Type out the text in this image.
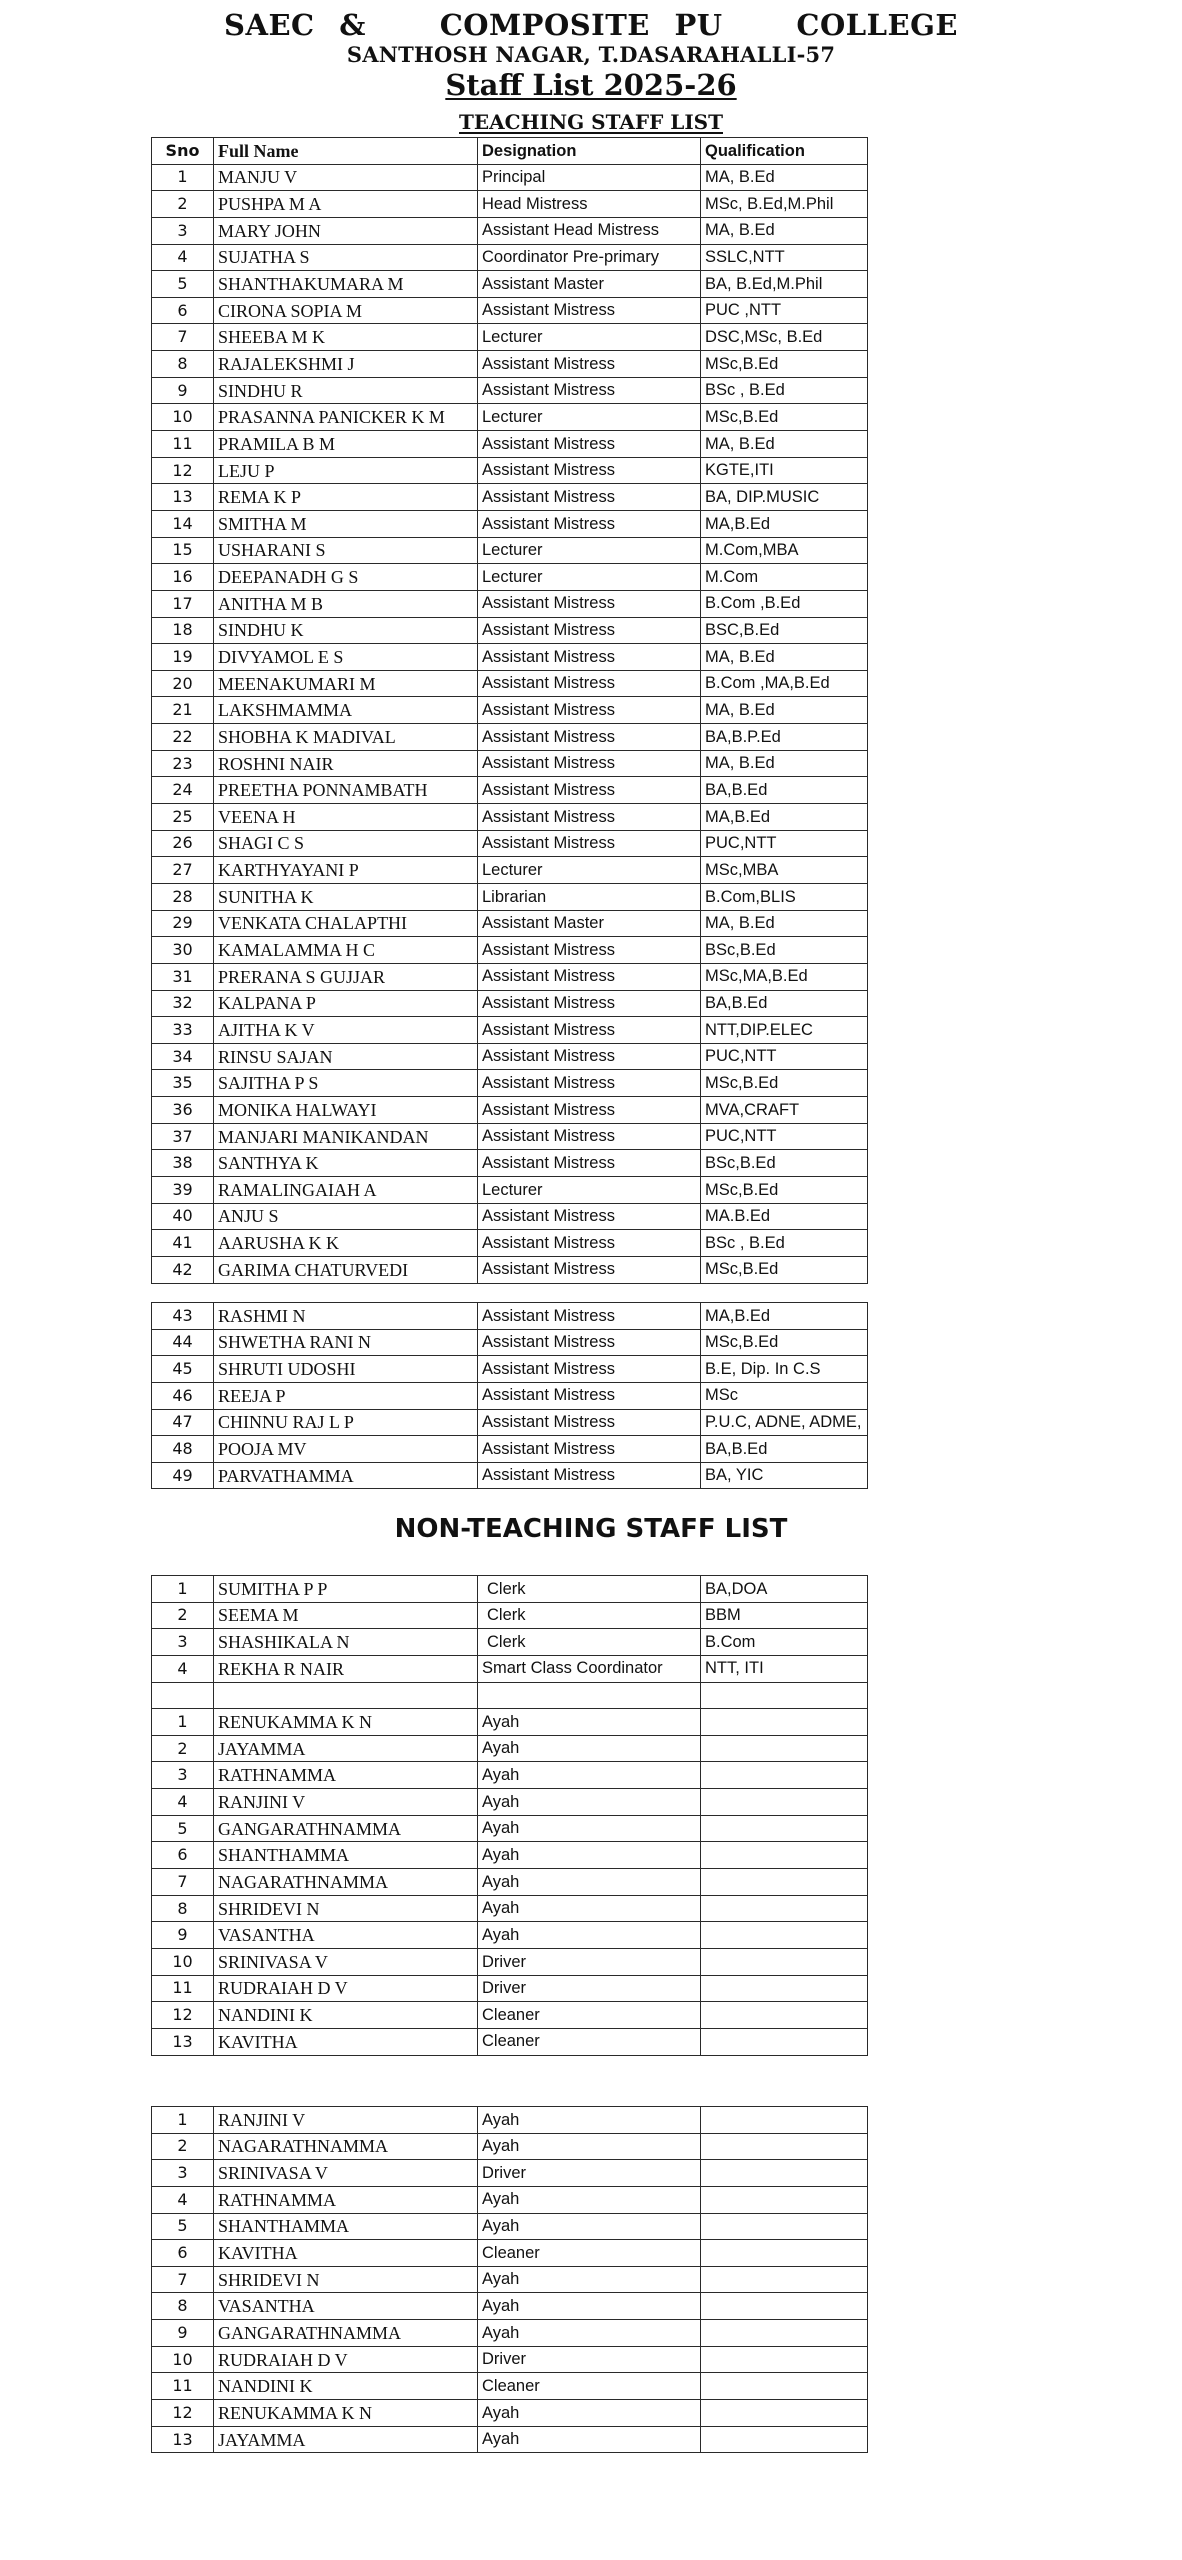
SAEC &   COMPOSITE PU   COLLEGE
SANTHOSH NAGAR, T.DASARAHALLI-57
Staff List 2025-26
TEACHING STAFF LIST
Sno	Full Name	Designation	Qualification
1	MANJU V	Principal	MA, B.Ed
2	PUSHPA M A	Head Mistress	MSc, B.Ed,M.Phil
3	MARY JOHN	Assistant Head Mistress	MA, B.Ed
4	SUJATHA S	Coordinator Pre-primary	SSLC,NTT
5	SHANTHAKUMARA M	Assistant Master	BA, B.Ed,M.Phil
6	CIRONA SOPIA M	Assistant Mistress	PUC ,NTT
7	SHEEBA M K	Lecturer	DSC,MSc, B.Ed
8	RAJALEKSHMI J	Assistant Mistress	MSc,B.Ed
9	SINDHU R	Assistant Mistress	BSc , B.Ed
10	PRASANNA PANICKER K M	Lecturer	MSc,B.Ed
11	PRAMILA B M	Assistant Mistress	MA, B.Ed
12	LEJU P	Assistant Mistress	KGTE,ITI
13	REMA K P	Assistant Mistress	BA, DIP.MUSIC
14	SMITHA M	Assistant Mistress	MA,B.Ed
15	USHARANI S	Lecturer	M.Com,MBA
16	DEEPANADH G S	Lecturer	M.Com
17	ANITHA M B	Assistant Mistress	B.Com ,B.Ed
18	SINDHU K	Assistant Mistress	BSC,B.Ed
19	DIVYAMOL E S	Assistant Mistress	MA, B.Ed
20	MEENAKUMARI M	Assistant Mistress	B.Com ,MA,B.Ed
21	LAKSHMAMMA	Assistant Mistress	MA, B.Ed
22	SHOBHA K MADIVAL	Assistant Mistress	BA,B.P.Ed
23	ROSHNI NAIR	Assistant Mistress	MA, B.Ed
24	PREETHA PONNAMBATH	Assistant Mistress	BA,B.Ed
25	VEENA H	Assistant Mistress	MA,B.Ed
26	SHAGI C S	Assistant Mistress	PUC,NTT
27	KARTHYAYANI P	Lecturer	MSc,MBA
28	SUNITHA K	Librarian	B.Com,BLIS
29	VENKATA CHALAPTHI	Assistant Master	MA, B.Ed
30	KAMALAMMA H C	Assistant Mistress	BSc,B.Ed
31	PRERANA S GUJJAR	Assistant Mistress	MSc,MA,B.Ed
32	KALPANA P	Assistant Mistress	BA,B.Ed
33	AJITHA K V	Assistant Mistress	NTT,DIP.ELEC
34	RINSU SAJAN	Assistant Mistress	PUC,NTT
35	SAJITHA P S	Assistant Mistress	MSc,B.Ed
36	MONIKA HALWAYI	Assistant Mistress	MVA,CRAFT
37	MANJARI MANIKANDAN	Assistant Mistress	PUC,NTT
38	SANTHYA K	Assistant Mistress	BSc,B.Ed
39	RAMALINGAIAH A	Lecturer	MSc,B.Ed
40	ANJU S	Assistant Mistress	MA.B.Ed
41	AARUSHA K K	Assistant Mistress	BSc , B.Ed
42	GARIMA CHATURVEDI	Assistant Mistress	MSc,B.Ed
43	RASHMI N	Assistant Mistress	MA,B.Ed
44	SHWETHA RANI N	Assistant Mistress	MSc,B.Ed
45	SHRUTI UDOSHI	Assistant Mistress	B.E, Dip. In C.S
46	REEJA P	Assistant Mistress	MSc
47	CHINNU RAJ L P	Assistant Mistress	P.U.C, ADNE, ADME,
48	POOJA MV	Assistant Mistress	BA,B.Ed
49	PARVATHAMMA	Assistant Mistress	BA, YIC
NON-TEACHING STAFF LIST
1	SUMITHA P P	Clerk	BA,DOA
2	SEEMA M	Clerk	BBM
3	SHASHIKALA N	Clerk	B.Com
4	REKHA R NAIR	Smart Class Coordinator	NTT, ITI

1	RENUKAMMA K N	Ayah	
2	JAYAMMA	Ayah	
3	RATHNAMMA	Ayah	
4	RANJINI V	Ayah	
5	GANGARATHNAMMA	Ayah	
6	SHANTHAMMA	Ayah	
7	NAGARATHNAMMA	Ayah	
8	SHRIDEVI N	Ayah	
9	VASANTHA	Ayah	
10	SRINIVASA V	Driver	
11	RUDRAIAH D V	Driver	
12	NANDINI K	Cleaner	
13	KAVITHA	Cleaner	
1	RANJINI V	Ayah	
2	NAGARATHNAMMA	Ayah	
3	SRINIVASA V	Driver	
4	RATHNAMMA	Ayah	
5	SHANTHAMMA	Ayah	
6	KAVITHA	Cleaner	
7	SHRIDEVI N	Ayah	
8	VASANTHA	Ayah	
9	GANGARATHNAMMA	Ayah	
10	RUDRAIAH D V	Driver	
11	NANDINI K	Cleaner	
12	RENUKAMMA K N	Ayah	
13	JAYAMMA	Ayah	
